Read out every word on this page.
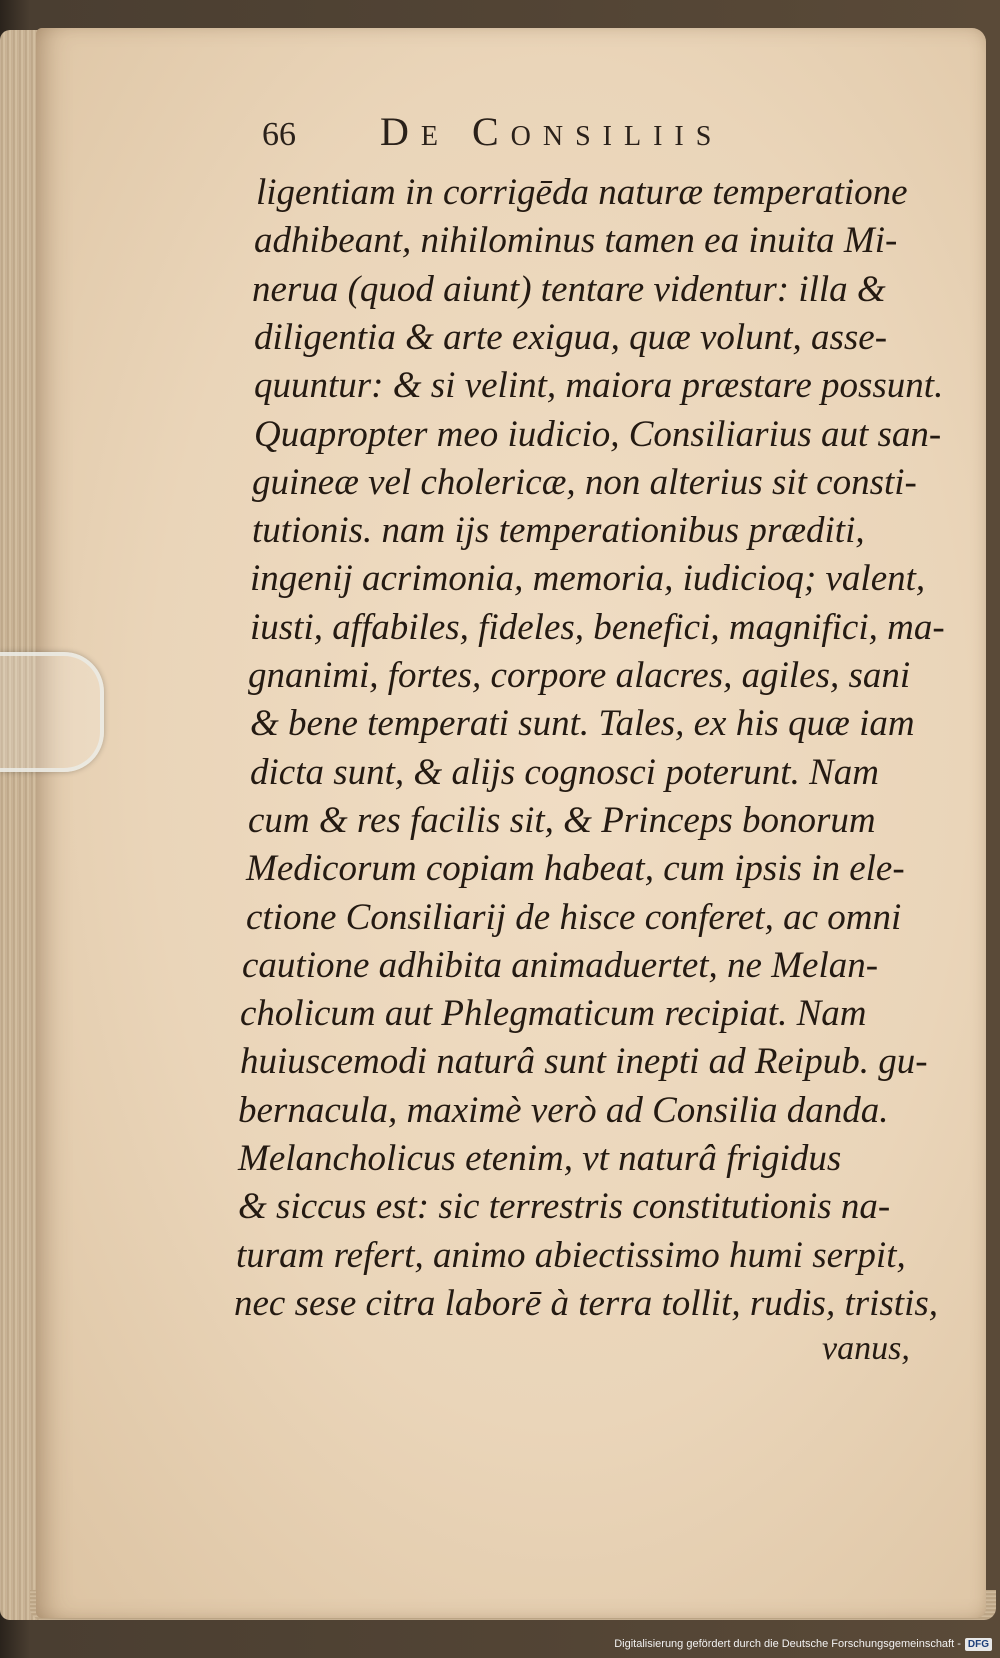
66 De Consiliis
ligentiam in corrigēda naturæ temperatione
adhibeant, nihilominus tamen ea inuita Mi-
nerua (quod aiunt) tentare videntur: illa &
diligentia & arte exigua, quæ volunt, asse-
quuntur: & si velint, maiora præstare possunt.
Quapropter meo iudicio, Consiliarius aut san-
guineæ vel cholericæ, non alterius sit consti-
tutionis. nam ijs temperationibus præditi,
ingenij acrimonia, memoria, iudicioq; valent,
iusti, affabiles, fideles, benefici, magnifici, ma-
gnanimi, fortes, corpore alacres, agiles, sani
& bene temperati sunt. Tales, ex his quæ iam
dicta sunt, & alijs cognosci poterunt. Nam
cum & res facilis sit, & Princeps bonorum
Medicorum copiam habeat, cum ipsis in ele-
ctione Consiliarij de hisce conferet, ac omni
cautione adhibita animaduertet, ne Melan-
cholicum aut Phlegmaticum recipiat. Nam
huiuscemodi naturâ sunt inepti ad Reipub. gu-
bernacula, maximè verò ad Consilia danda.
Melancholicus etenim, vt naturâ frigidus
& siccus est: sic terrestris constitutionis na-
turam refert, animo abiectissimo humi serpit,
nec sese citra laborē à terra tollit, rudis, tristis,
vanus,
Digitalisierung gefördert durch die Deutsche Forschungsgemeinschaft - DFG
